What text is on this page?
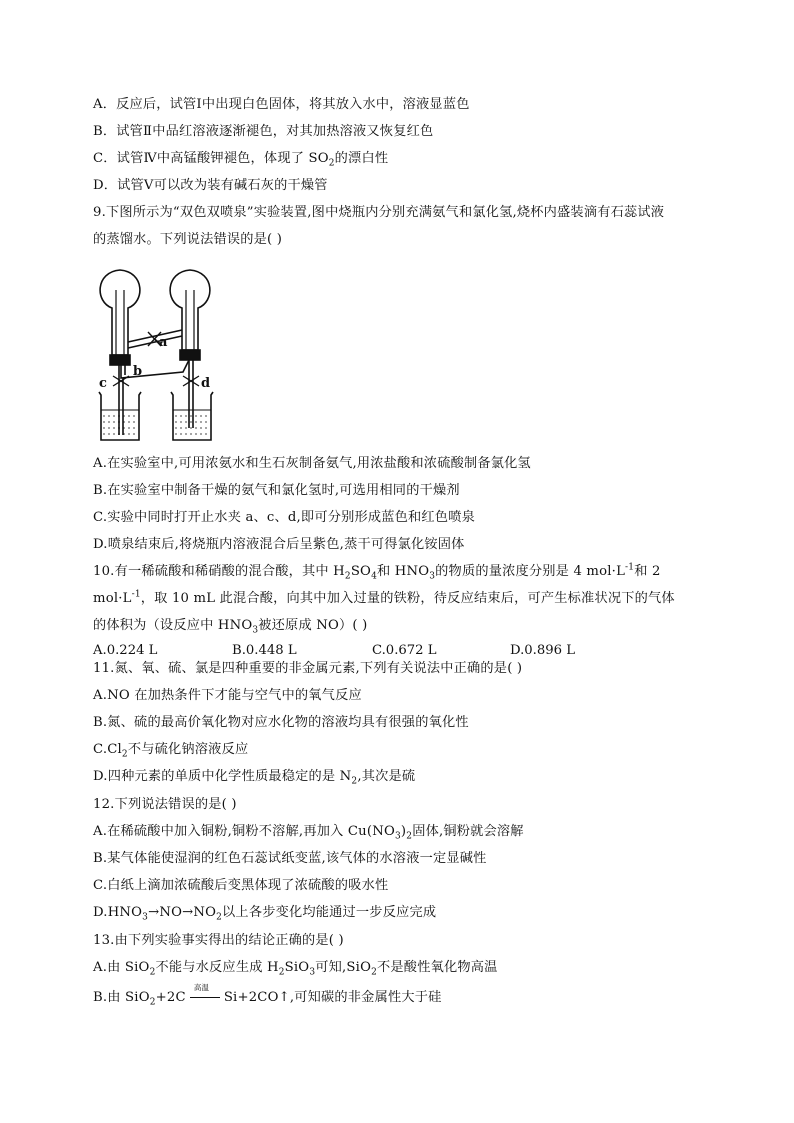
A．反应后，试管Ⅰ中出现白色固体，将其放入水中，溶液显蓝色
B．试管Ⅱ中品红溶液逐渐褪色，对其加热溶液又恢复红色
C．试管Ⅳ中高锰酸钾褪色，体现了 $SO_2$的漂白性
D．试管Ⅴ可以改为装有碱石灰的干燥管
9.下图所示为“双色双喷泉”实验装置,图中烧瓶内分别充满氨气和氯化氢,烧杯内盛装滴有石蕊试液
的蒸馏水。下列说法错误的是( )
a
b
c	d
A.在实验室中,可用浓氨水和生石灰制备氨气,用浓盐酸和浓硫酸制备氯化氢
B.在实验室中制备干燥的氨气和氯化氢时,可选用相同的干燥剂
C.实验中同时打开止水夹 a、c、d,即可分别形成蓝色和红色喷泉
D.喷泉结束后,将烧瓶内溶液混合后呈紫色,蒸干可得氯化铵固体
10.有一稀硫酸和稀硝酸的混合酸，其中 $H_2SO_4$和 $HNO_3$的物质的量浓度分别是 4 $mol\cdot L^{-1}$和 2
$mol\cdot L^{-1}$，取 10 mL 此混合酸，向其中加入过量的铁粉，待反应结束后，可产生标准状况下的气体
的体积为（设反应中 $HNO_3$被还原成 NO）( )
A.0.224 L	B.0.448 L	C.0.672 L	D.0.896 L
11.氮、氧、硫、氯是四种重要的非金属元素,下列有关说法中正确的是( )
A.NO 在加热条件下才能与空气中的氧气反应
B.氮、硫的最高价氧化物对应水化物的溶液均具有很强的氧化性
$C.Cl_2$不与硫化钠溶液反应
D.四种元素的单质中化学性质最稳定的是 $N_2$,其次是硫
12.下列说法错误的是( )
A.在稀硫酸中加入铜粉,铜粉不溶解,再加入 $Cu(NO_3)_2$固体,铜粉就会溶解
B.某气体能使湿润的红色石蕊试纸变蓝,该气体的水溶液一定显碱性
C.白纸上滴加浓硫酸后变黑体现了浓硫酸的吸水性
$D.HNO_3\to NO\to NO_2$以上各步变化均能通过一步反应完成
13.由下列实验事实得出的结论正确的是( )
A.由 SiO$_2$不能与水反应生成 $H_2SiO_3$可知,SiO$_2$不是酸性氧化物高温
B.由 SiO$_2$+2C
高温
Si+2CO↑,可知碳的非金属性大于硅
